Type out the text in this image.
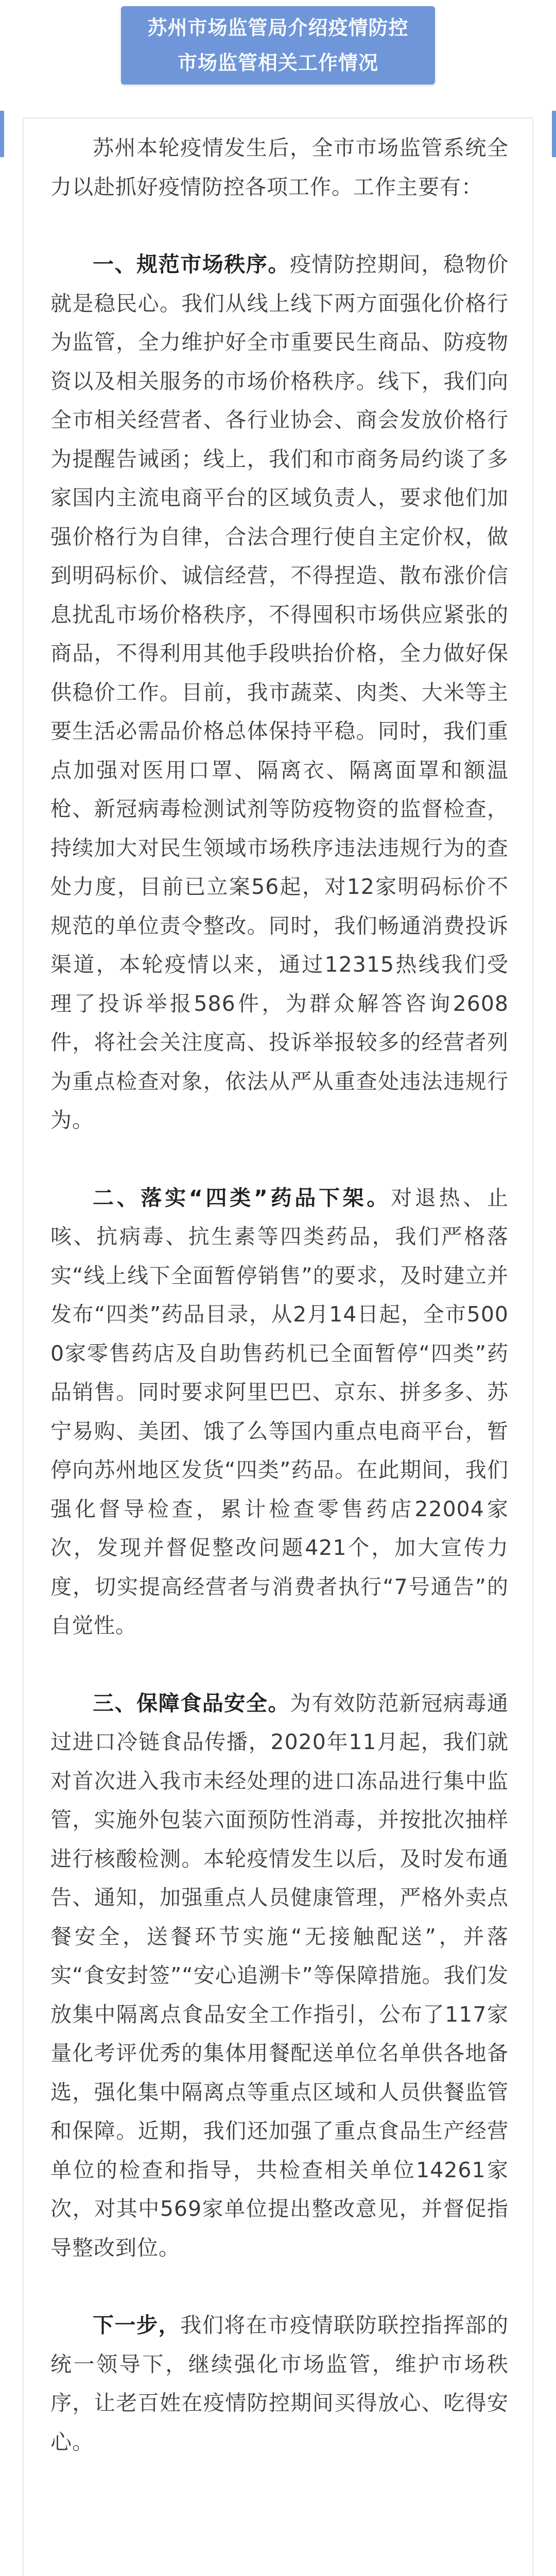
苏州市场监管局介绍疫情防控
市场监管相关工作情况

苏州本轮疫情发生后，全市市场监管系统全力以赴抓好疫情防控各项工作。工作主要有：

一、规范市场秩序。疫情防控期间，稳物价就是稳民心。我们从线上线下两方面强化价格行为监管，全力维护好全市重要民生商品、防疫物资以及相关服务的市场价格秩序。线下，我们向全市相关经营者、各行业协会、商会发放价格行为提醒告诫函；线上，我们和市商务局约谈了多家国内主流电商平台的区域负责人，要求他们加强价格行为自律，合法合理行使自主定价权，做到明码标价、诚信经营，不得捏造、散布涨价信息扰乱市场价格秩序，不得囤积市场供应紧张的商品，不得利用其他手段哄抬价格，全力做好保供稳价工作。目前，我市蔬菜、肉类、大米等主要生活必需品价格总体保持平稳。同时，我们重点加强对医用口罩、隔离衣、隔离面罩和额温枪、新冠病毒检测试剂等防疫物资的监督检查，持续加大对民生领域市场秩序违法违规行为的查处力度，目前已立案56起，对12家明码标价不规范的单位责令整改。同时，我们畅通消费投诉渠道，本轮疫情以来，通过12315热线我们受理了投诉举报586件，为群众解答咨询2608件，将社会关注度高、投诉举报较多的经营者列为重点检查对象，依法从严从重查处违法违规行为。

二、落实“四类”药品下架。对退热、止咳、抗病毒、抗生素等四类药品，我们严格落实“线上线下全面暂停销售”的要求，及时建立并发布“四类”药品目录，从2月14日起，全市5000家零售药店及自助售药机已全面暂停“四类”药品销售。同时要求阿里巴巴、京东、拼多多、苏宁易购、美团、饿了么等国内重点电商平台，暂停向苏州地区发货“四类”药品。在此期间，我们强化督导检查，累计检查零售药店22004家次，发现并督促整改问题421个，加大宣传力度，切实提高经营者与消费者执行“7号通告”的自觉性。

三、保障食品安全。为有效防范新冠病毒通过进口冷链食品传播，2020年11月起，我们就对首次进入我市未经处理的进口冻品进行集中监管，实施外包装六面预防性消毒，并按批次抽样进行核酸检测。本轮疫情发生以后，及时发布通告、通知，加强重点人员健康管理，严格外卖点餐安全，送餐环节实施“无接触配送”，并落实“食安封签”“安心追溯卡”等保障措施。我们发放集中隔离点食品安全工作指引，公布了117家量化考评优秀的集体用餐配送单位名单供各地备选，强化集中隔离点等重点区域和人员供餐监管和保障。近期，我们还加强了重点食品生产经营单位的检查和指导，共检查相关单位14261家次，对其中569家单位提出整改意见，并督促指导整改到位。

下一步，我们将在市疫情联防联控指挥部的统一领导下，继续强化市场监管，维护市场秩序，让老百姓在疫情防控期间买得放心、吃得安心。
